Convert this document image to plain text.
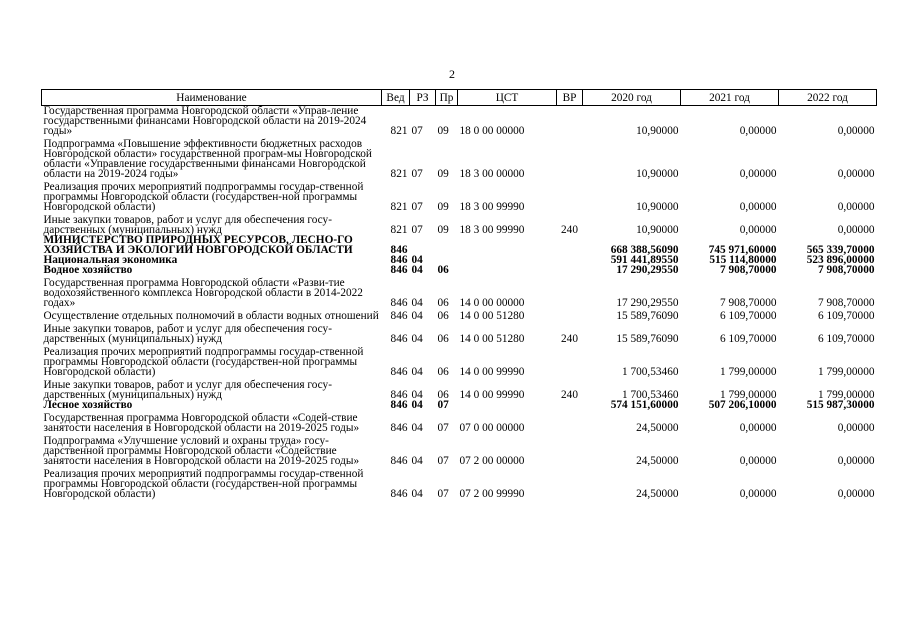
2
Наименование	Вед	РЗ	Пр	ЦСТ	ВР	2020 год	2021 год	2022 год
Государственная программа Новгородской области «Управ-ление государственными финансами Новгородской области на 2019-2024 годы»	821	07	09	18 0 00 00000		10,90000	0,00000	0,00000
Подпрограмма «Повышение эффективности бюджетных расходов Новгородской области» государственной програм-мы Новгородской области «Управление государственными финансами Новгородской области на 2019-2024 годы»	821	07	09	18 3 00 00000		10,90000	0,00000	0,00000
Реализация прочих мероприятий подпрограммы государ-ственной программы Новгородской области (государствен-ной программы Новгородской области)	821	07	09	18 3 00 99990		10,90000	0,00000	0,00000
Иные закупки товаров, работ и услуг для обеспечения госу-дарственных (муниципальных) нужд	821	07	09	18 3 00 99990	240	10,90000	0,00000	0,00000
МИНИСТЕРСТВО ПРИРОДНЫХ РЕСУРСОВ, ЛЕСНО-ГО ХОЗЯЙСТВА И ЭКОЛОГИИ НОВГОРОДСКОЙ ОБЛАСТИ	846					668 388,56090	745 971,60000	565 339,70000
Национальная экономика	846	04				591 441,89550	515 114,80000	523 896,00000
Водное хозяйство	846	04	06			17 290,29550	7 908,70000	7 908,70000
Государственная программа Новгородской области «Разви-тие водохозяйственного комплекса Новгородской области в 2014-2022 годах»	846	04	06	14 0 00 00000		17 290,29550	7 908,70000	7 908,70000
Осуществление отдельных полномочий в области водных отношений	846	04	06	14 0 00 51280		15 589,76090	6 109,70000	6 109,70000
Иные закупки товаров, работ и услуг для обеспечения госу-дарственных (муниципальных) нужд	846	04	06	14 0 00 51280	240	15 589,76090	6 109,70000	6 109,70000
Реализация прочих мероприятий подпрограммы государ-ственной программы Новгородской области (государствен-ной программы Новгородской области)	846	04	06	14 0 00 99990		1 700,53460	1 799,00000	1 799,00000
Иные закупки товаров, работ и услуг для обеспечения госу-дарственных (муниципальных) нужд	846	04	06	14 0 00 99990	240	1 700,53460	1 799,00000	1 799,00000
Лесное хозяйство	846	04	07			574 151,60000	507 206,10000	515 987,30000
Государственная программа Новгородской области «Содей-ствие занятости населения в Новгородской области на 2019-2025 годы»	846	04	07	07 0 00 00000		24,50000	0,00000	0,00000
Подпрограмма «Улучшение условий и охраны труда» госу-дарственной программы Новгородской области «Содействие занятости населения в Новгородской области на 2019-2025 годы»	846	04	07	07 2 00 00000		24,50000	0,00000	0,00000
Реализация прочих мероприятий подпрограммы государ-ственной программы Новгородской области (государствен-ной программы Новгородской области)	846	04	07	07 2 00 99990		24,50000	0,00000	0,00000
